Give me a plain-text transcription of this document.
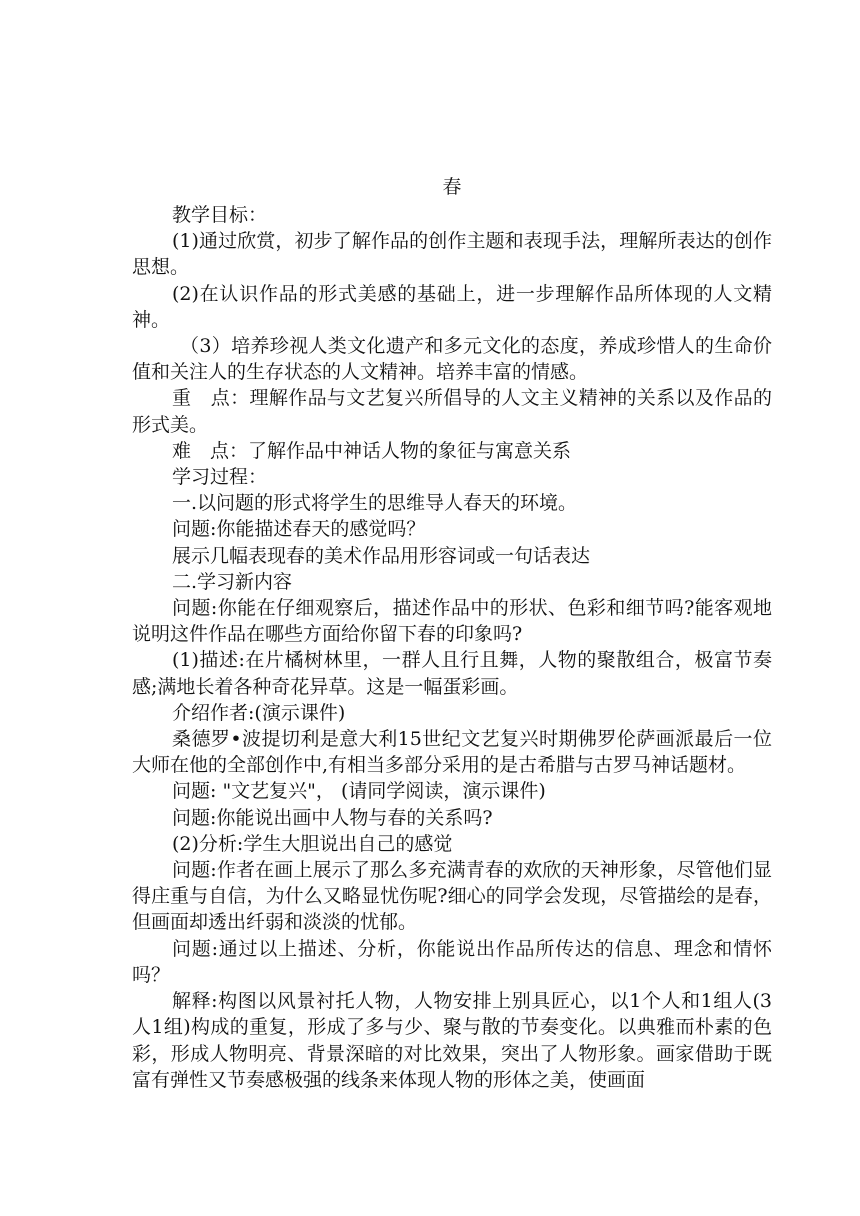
春

教学目标：

(1)通过欣赏，初步了解作品的创作主题和表现手法，理解所表达的创作思想。

(2)在认识作品的形式美感的基础上，进一步理解作品所体现的人文精神。

（3）培养珍视人类文化遗产和多元文化的态度，养成珍惜人的生命价值和关注人的生存状态的人文精神。培养丰富的情感。

重　点：理解作品与文艺复兴所倡导的人文主义精神的关系以及作品的形式美。

难　点：了解作品中神话人物的象征与寓意关系

学习过程：

一.以问题的形式将学生的思维导人春天的环境。

问题:你能描述春天的感觉吗？

展示几幅表现春的美术作品用形容词或一句话表达

二.学习新内容

问题:你能在仔细观察后，描述作品中的形状、色彩和细节吗?能客观地说明这件作品在哪些方面给你留下春的印象吗?

(1)描述:在片橘树林里，一群人且行且舞，人物的聚散组合，极富节奏感;满地长着各种奇花异草。这是一幅蛋彩画。

介绍作者:(演示课件)

桑德罗•波提切利是意大利15世纪文艺复兴时期佛罗伦萨画派最后一位大师在他的全部创作中,有相当多部分采用的是古希腊与古罗马神话题材。

问题: "文艺复兴"， (请同学阅读，演示课件)

问题:你能说出画中人物与春的关系吗?

(2)分析:学生大胆说出自己的感觉

问题:作者在画上展示了那么多充满青春的欢欣的天神形象，尽管他们显得庄重与自信，为什么又略显忧伤呢?细心的同学会发现，尽管描绘的是春，但画面却透出纤弱和淡淡的忧郁。

问题:通过以上描述、分析，你能说出作品所传达的信息、理念和情怀吗？

解释:构图以风景衬托人物，人物安排上别具匠心，以1个人和1组人(3人1组)构成的重复，形成了多与少、聚与散的节奏变化。以典雅而朴素的色彩，形成人物明亮、背景深暗的对比效果，突出了人物形象。画家借助于既富有弹性又节奏感极强的线条来体现人物的形体之美，使画面
